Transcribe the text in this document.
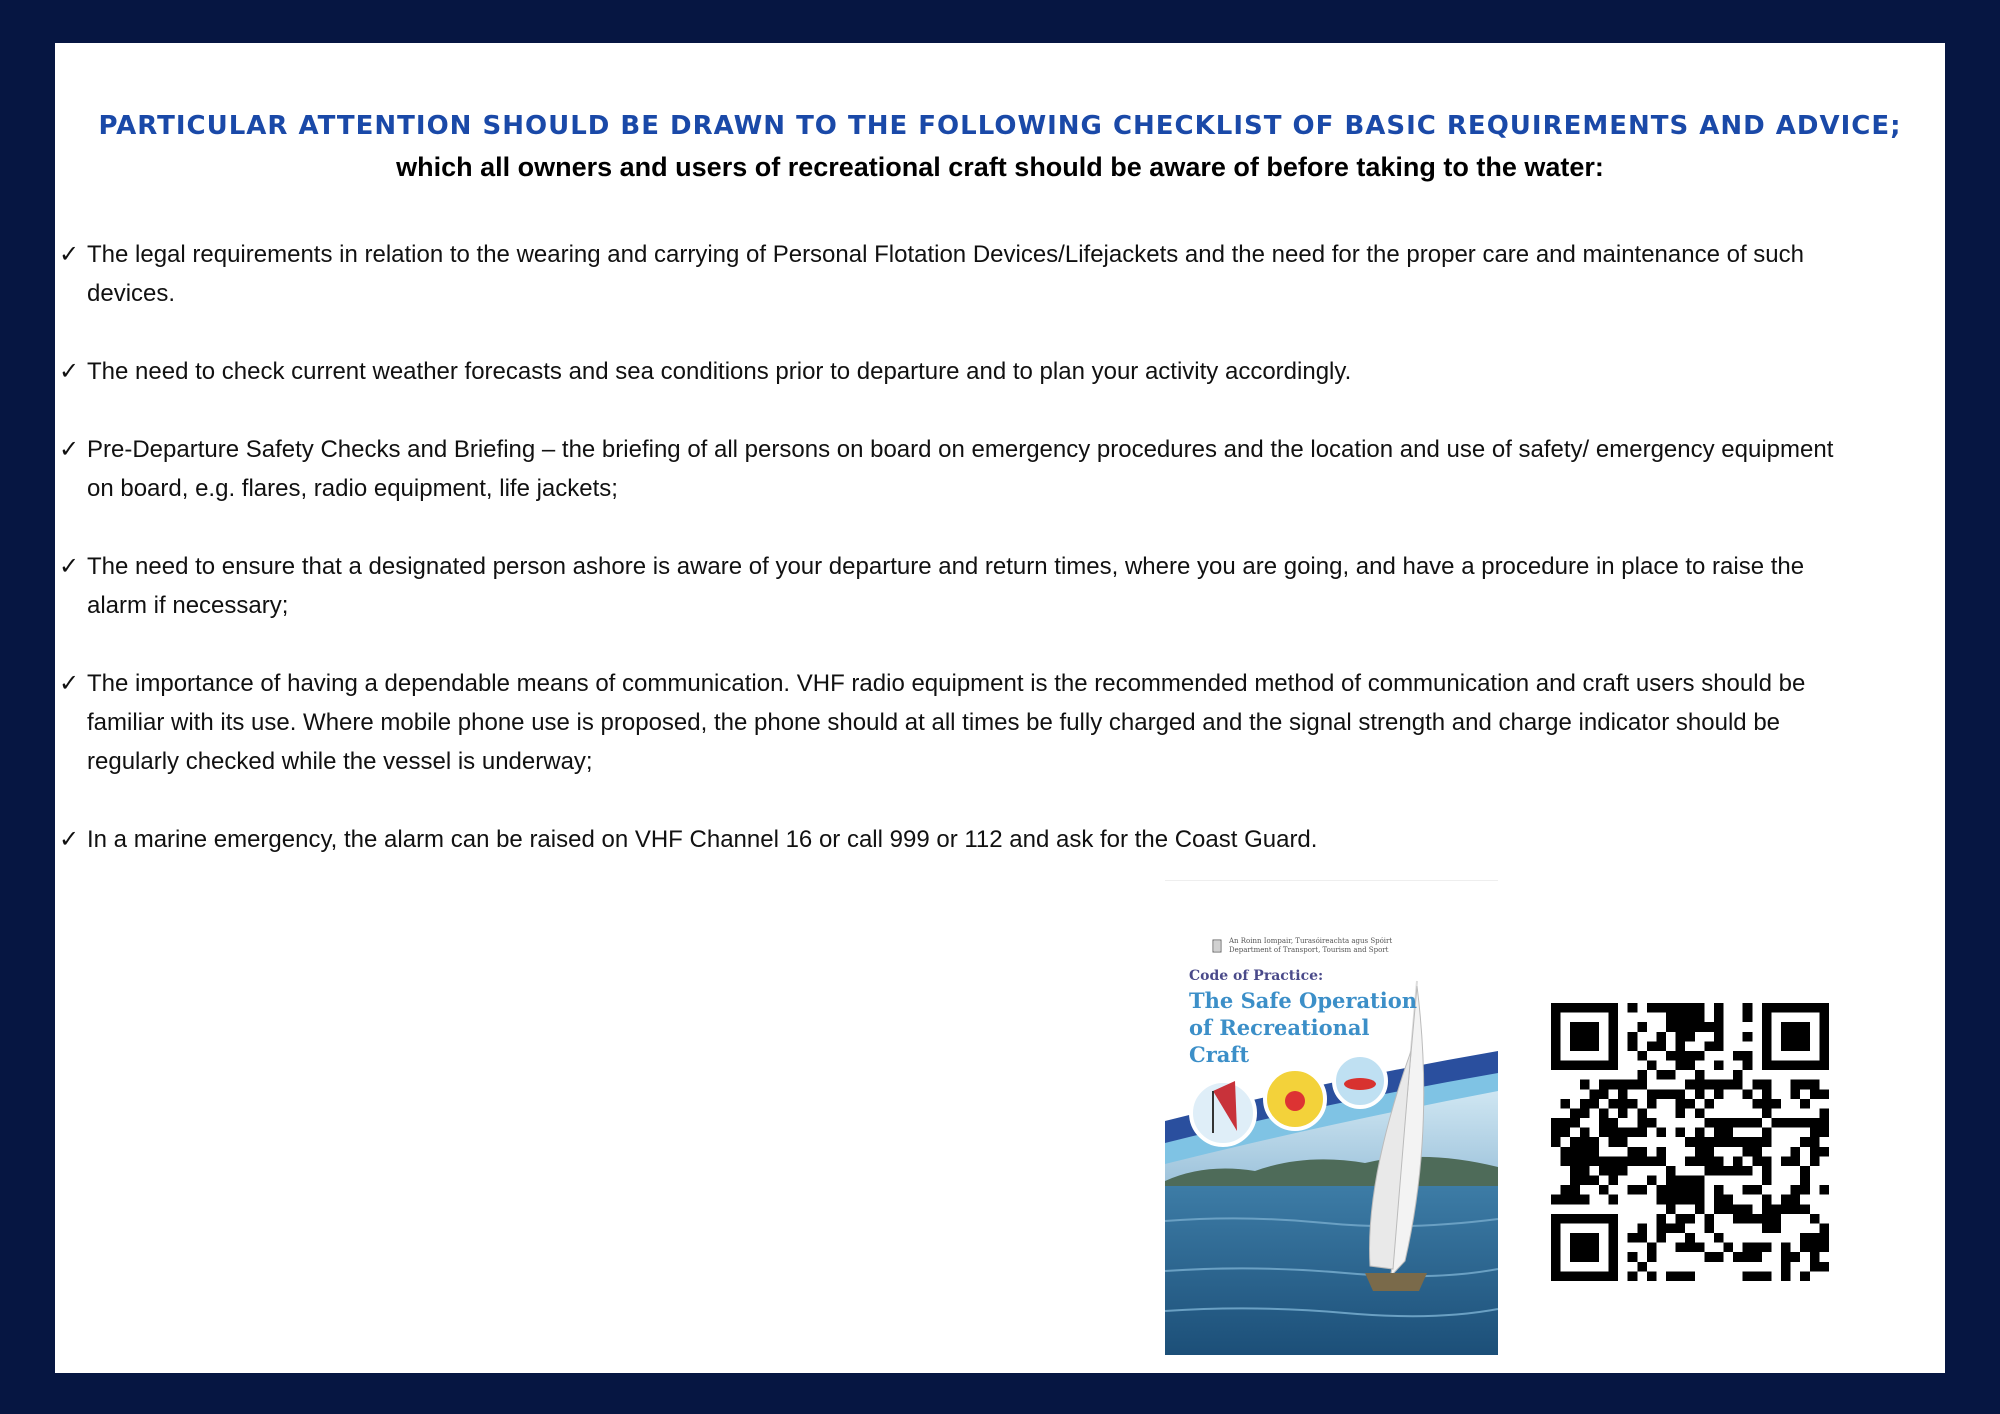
PARTICULAR ATTENTION SHOULD BE DRAWN TO THE FOLLOWING CHECKLIST OF BASIC REQUIREMENTS AND ADVICE;
which all owners and users of recreational craft should be aware of before taking to the water:
✓ The legal requirements in relation to the wearing and carrying of Personal Flotation Devices/Lifejackets and the need for the proper care and maintenance of such devices.
✓ The need to check current weather forecasts and sea conditions prior to departure and to plan your activity accordingly.
✓ Pre-Departure Safety Checks and Briefing – the briefing of all persons on board on emergency procedures and the location and use of safety/ emergency equipment on board, e.g. flares, radio equipment, life jackets;
✓ The need to ensure that a designated person ashore is aware of your departure and return times, where you are going, and have a procedure in place to raise the alarm if necessary;
✓ The importance of having a dependable means of communication. VHF radio equipment is the recommended method of communication and craft users should be familiar with its use. Where mobile phone use is proposed, the phone should at all times be fully charged and the signal strength and charge indicator should be regularly checked while the vessel is underway;
✓ In a marine emergency, the alarm can be raised on VHF Channel 16 or call 999 or 112 and ask for the Coast Guard.
An Roinn Iompair, Turasóireachta agus Spóirt
Department of Transport, Tourism and Sport
Code of Practice:
The Safe Operation
of Recreational Craft
